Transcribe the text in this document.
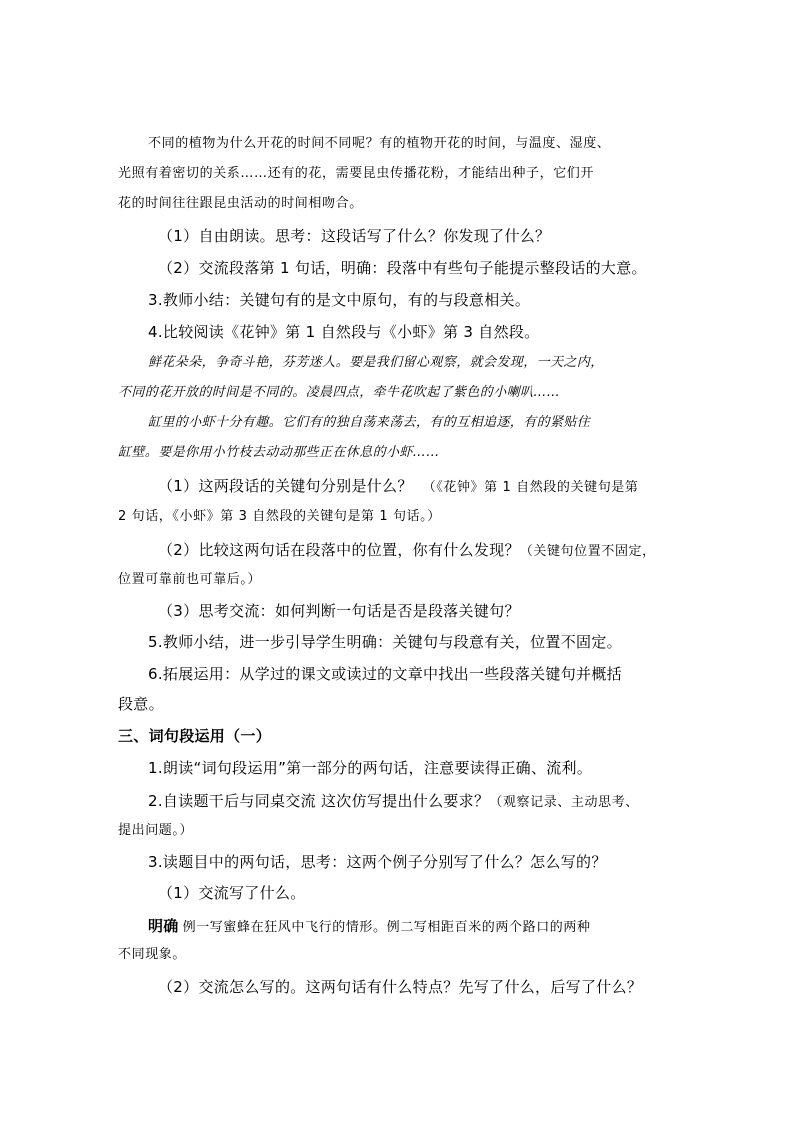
不同的植物为什么开花的时间不同呢？有的植物开花的时间，与温度、湿度、
光照有着密切的关系……还有的花，需要昆虫传播花粉，才能结出种子，它们开
花的时间往往跟昆虫活动的时间相吻合。
（1）自由朗读。思考：这段话写了什么？你发现了什么？
（2）交流段落第 1 句话，明确：段落中有些句子能提示整段话的大意。
3.教师小结：关键句有的是文中原句，有的与段意相关。
4.比较阅读《花钟》第 1 自然段与《小虾》第 3 自然段。
鲜花朵朵，争奇斗艳，芬芳迷人。要是我们留心观察，就会发现，一天之内，
不同的花开放的时间是不同的。凌晨四点，牵牛花吹起了紫色的小喇叭……
缸里的小虾十分有趣。它们有的独自荡来荡去，有的互相追逐，有的紧贴住
缸壁。要是你用小竹枝去动动那些正在休息的小虾……
（1）这两段话的关键句分别是什么？ （《花钟》第 1 自然段的关键句是第
2 句话，《小虾》第 3 自然段的关键句是第 1 句话。）
（2）比较这两句话在段落中的位置，你有什么发现？（关键句位置不固定，
位置可靠前也可靠后。）
（3）思考交流：如何判断一句话是否是段落关键句？
5.教师小结，进一步引导学生明确：关键句与段意有关，位置不固定。
6.拓展运用：从学过的课文或读过的文章中找出一些段落关键句并概括
段意。
三、词句段运用（一）
1.朗读“词句段运用”第一部分的两句话，注意要读得正确、流利。
2.自读题干后与同桌交流 这次仿写提出什么要求？（观察记录、主动思考、
提出问题。）
3.读题目中的两句话，思考：这两个例子分别写了什么？怎么写的？
（1）交流写了什么。
明确 例一写蜜蜂在狂风中飞行的情形。例二写相距百米的两个路口的两种
不同现象。
（2）交流怎么写的。这两句话有什么特点？先写了什么，后写了什么？
